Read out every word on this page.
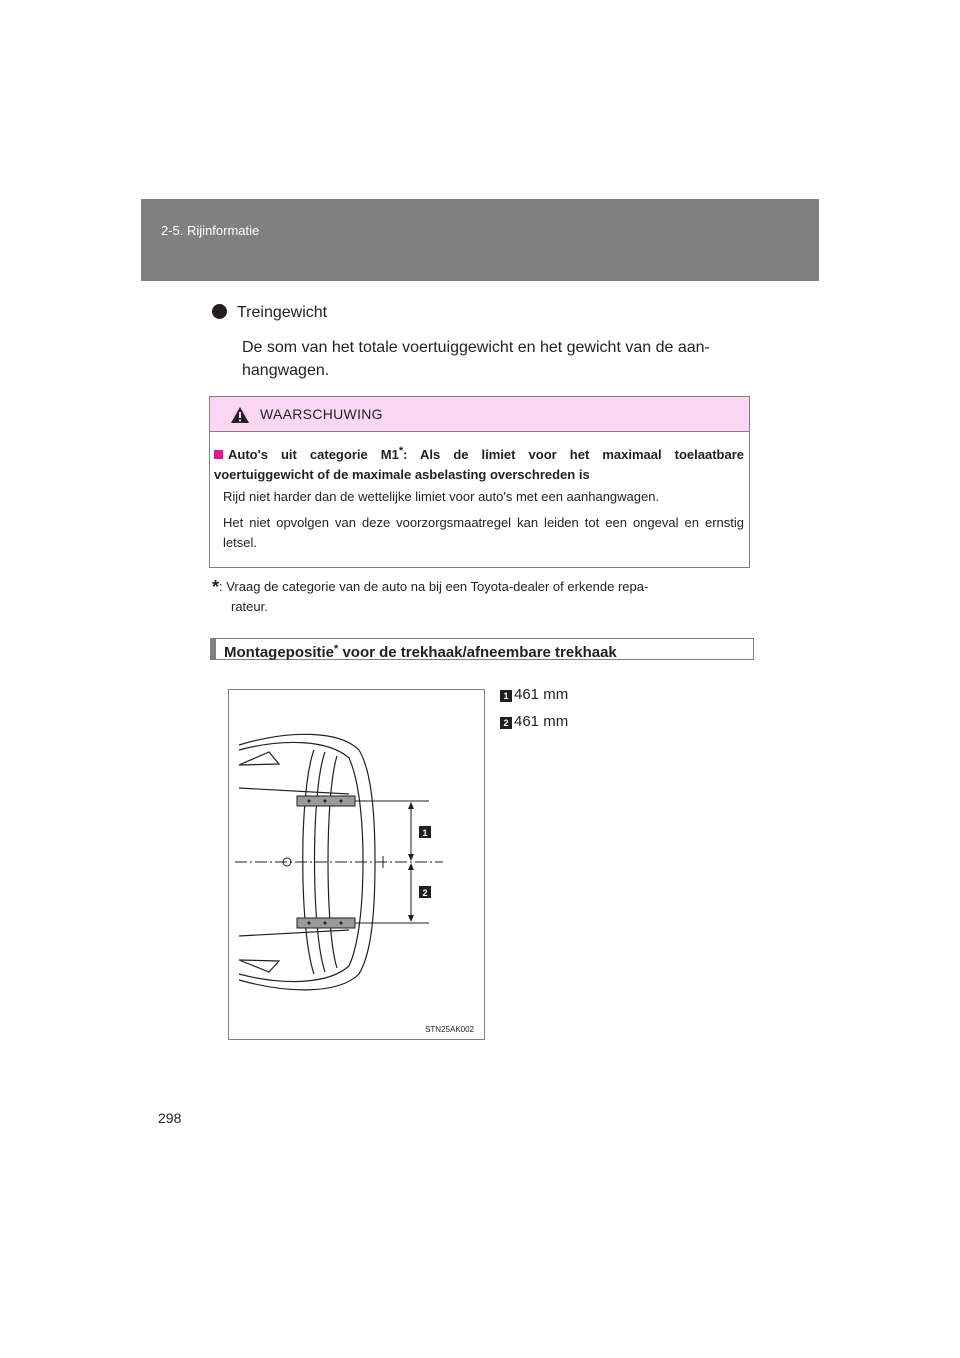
2-5. Rijinformatie
Treingewicht
De som van het totale voertuiggewicht en het gewicht van de aan-hangwagen.
WAARSCHUWING
Auto's uit categorie M1*: Als de limiet voor het maximaal toelaatbare voertuiggewicht of de maximale asbelasting overschreden is
Rijd niet harder dan de wettelijke limiet voor auto's met een aanhangwagen.
Het niet opvolgen van deze voorzorgsmaatregel kan leiden tot een ongeval en ernstig letsel.
*: Vraag de categorie van de auto na bij een Toyota-dealer of erkende repa-
rateur.
Montagepositie* voor de trekhaak/afneembare trekhaak
1
2
STN25AK002
1 461 mm
2 461 mm
298
